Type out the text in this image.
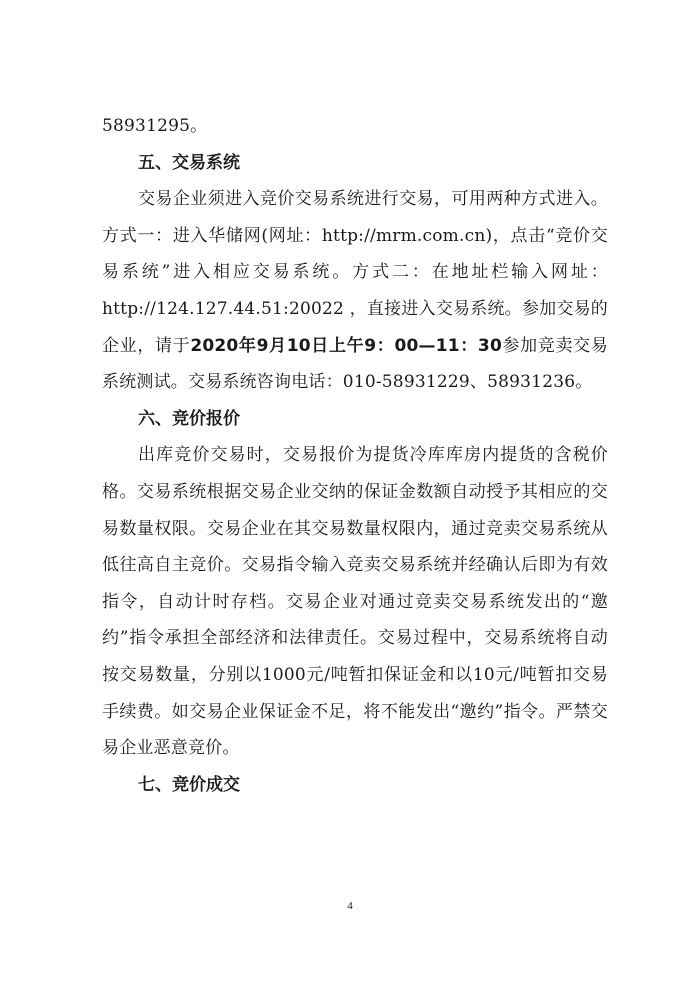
58931295。

五、交易系统

交易企业须进入竞价交易系统进行交易，可用两种方式进入。方式一：进入华储网(网址：http://mrm.com.cn)，点击“竞价交易系统”进入相应交易系统。方式二：在地址栏输入网址：http://124.127.44.51:20022 ，直接进入交易系统。参加交易的企业，请于2020年9月10日上午9：00—11：30参加竞卖交易系统测试。交易系统咨询电话：010-58931229、58931236。

六、竞价报价

出库竞价交易时，交易报价为提货冷库库房内提货的含税价格。交易系统根据交易企业交纳的保证金数额自动授予其相应的交易数量权限。交易企业在其交易数量权限内，通过竞卖交易系统从低往高自主竞价。交易指令输入竞卖交易系统并经确认后即为有效指令，自动计时存档。交易企业对通过竞卖交易系统发出的“邀约”指令承担全部经济和法律责任。交易过程中，交易系统将自动按交易数量，分别以1000元/吨暂扣保证金和以10元/吨暂扣交易手续费。如交易企业保证金不足，将不能发出“邀约”指令。严禁交易企业恶意竞价。

七、竞价成交

4
